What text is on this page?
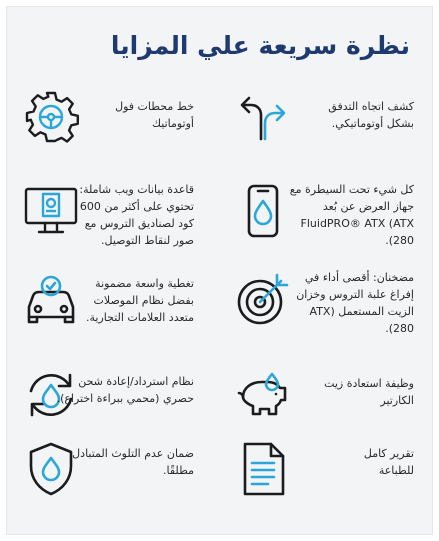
نظرة سريعة علي المزايا

خط محطات فول
أوتوماتيك

كشف اتجاه التدفق
بشكل أوتوماتيكي.

قاعدة بيانات ويب شاملة:
تحتوي على أكثر من 600
كود لصناديق التروس مع
صور لنقاط التوصيل.

كل شيء تحت السيطرة مع
جهاز العرض عن بُعد
FluidPRO® ATX (ATX
280).

تغطية واسعة مضمونة
بفضل نظام الموصلات
متعدد العلامات التجارية.

مضخنان: أقصى أداء في
إفراغ علبة التروس وخزان
الزيت المستعمل (ATX
280).

نظام استرداد/إعادة شحن
حصري (محمي ببراءة اختراع).

وظيفة استعادة زيت
الكارتير

ضمان عدم التلوث المتبادل
مطلقًا.

تقرير كامل
للطباعة
